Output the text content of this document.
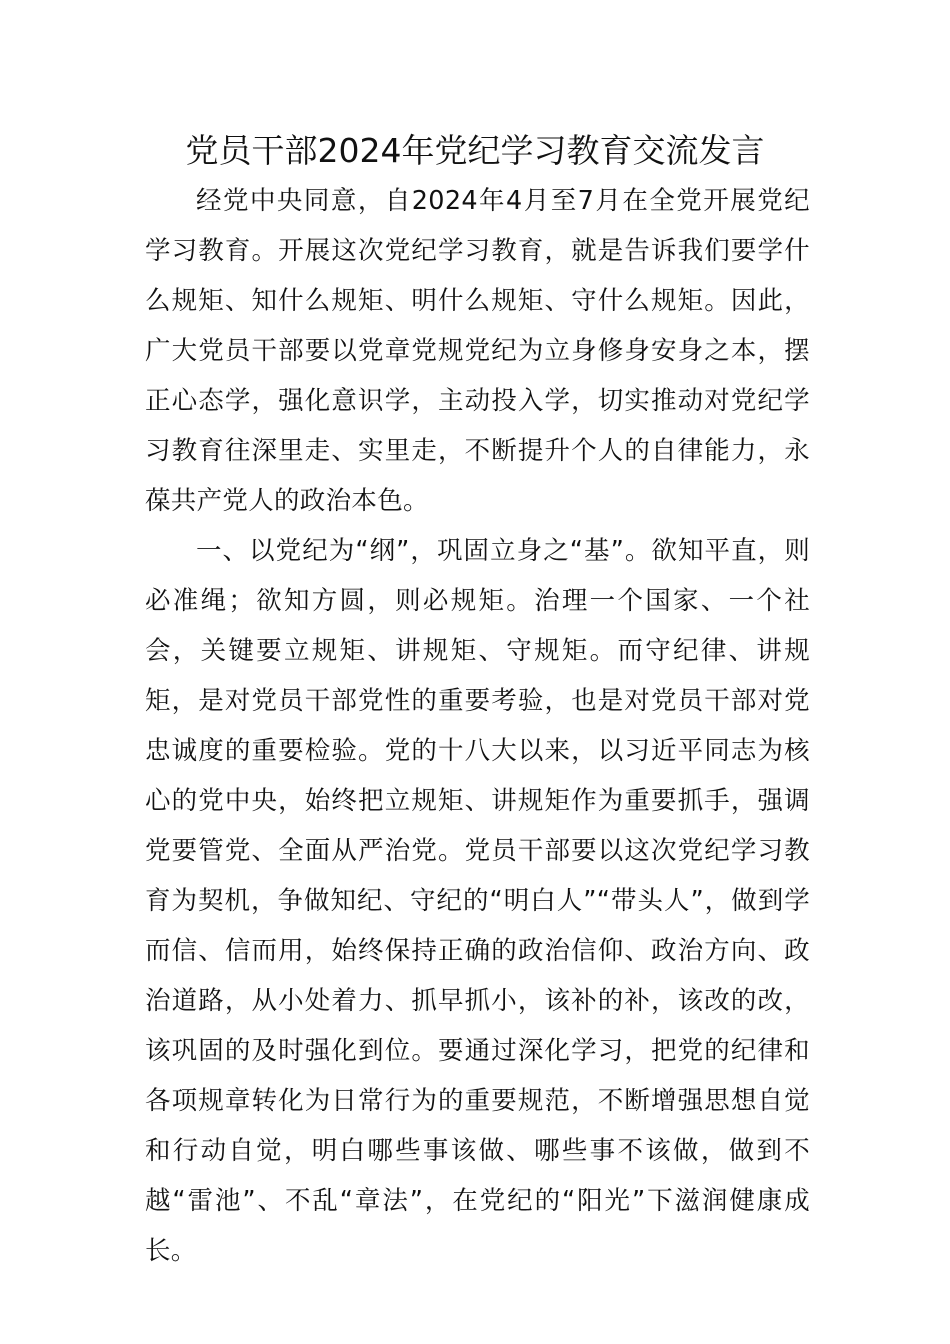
党员干部2024年党纪学习教育交流发言

经党中央同意，自2024年4月至7月在全党开展党纪学习教育。开展这次党纪学习教育，就是告诉我们要学什么规矩、知什么规矩、明什么规矩、守什么规矩。因此，广大党员干部要以党章党规党纪为立身修身安身之本，摆正心态学，强化意识学，主动投入学，切实推动对党纪学习教育往深里走、实里走，不断提升个人的自律能力，永葆共产党人的政治本色。

一、以党纪为“纲”，巩固立身之“基”。欲知平直，则必准绳；欲知方圆，则必规矩。治理一个国家、一个社会，关键要立规矩、讲规矩、守规矩。而守纪律、讲规矩，是对党员干部党性的重要考验，也是对党员干部对党忠诚度的重要检验。党的十八大以来，以习近平同志为核心的党中央，始终把立规矩、讲规矩作为重要抓手，强调党要管党、全面从严治党。党员干部要以这次党纪学习教育为契机，争做知纪、守纪的“明白人”“带头人”，做到学而信、信而用，始终保持正确的政治信仰、政治方向、政治道路，从小处着力、抓早抓小，该补的补，该改的改，该巩固的及时强化到位。要通过深化学习，把党的纪律和各项规章转化为日常行为的重要规范，不断增强思想自觉和行动自觉，明白哪些事该做、哪些事不该做，做到不越“雷池”、不乱“章法”，在党纪的“阳光”下滋润健康成长。
